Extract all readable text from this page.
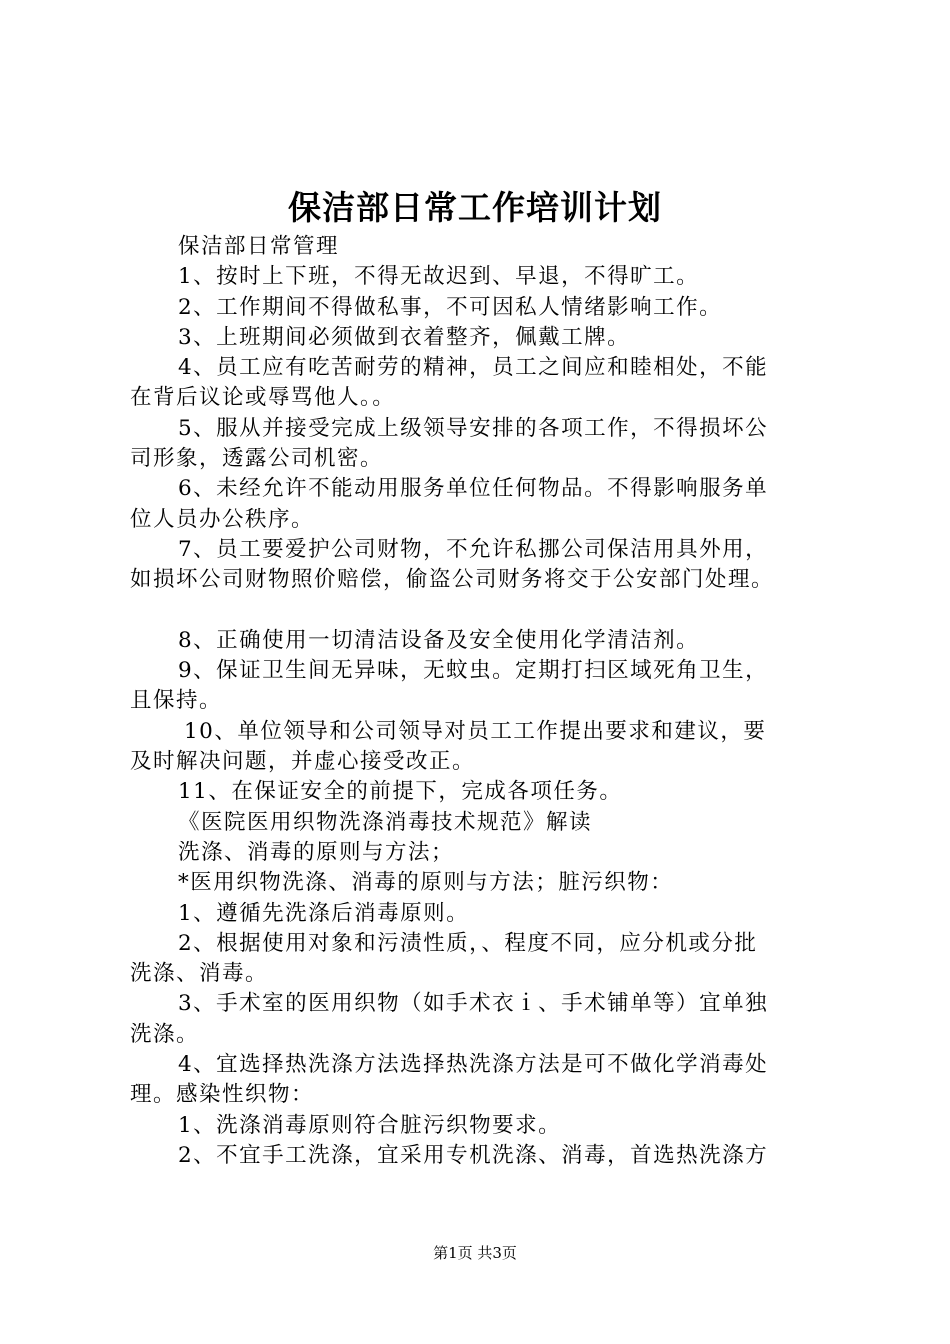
保洁部日常工作培训计划
保洁部日常管理
1、按时上下班，不得无故迟到、早退，不得旷工。
2、工作期间不得做私事，不可因私人情绪影响工作。
3、上班期间必须做到衣着整齐，佩戴工牌。
4、员工应有吃苦耐劳的精神，员工之间应和睦相处，不能
在背后议论或辱骂他人。。
5、服从并接受完成上级领导安排的各项工作，不得损坏公
司形象，透露公司机密。
6、未经允许不能动用服务单位任何物品。不得影响服务单
位人员办公秩序。
7、员工要爱护公司财物，不允许私挪公司保洁用具外用，
如损坏公司财物照价赔偿，偷盗公司财务将交于公安部门处理。
8、正确使用一切清洁设备及安全使用化学清洁剂。
9、保证卫生间无异味，无蚊虫。定期打扫区域死角卫生，
且保持。
10、单位领导和公司领导对员工工作提出要求和建议，要
及时解决问题，并虚心接受改正。
11、在保证安全的前提下，完成各项任务。
《医院医用织物洗涤消毒技术规范》解读
洗涤、消毒的原则与方法；
*医用织物洗涤、消毒的原则与方法；脏污织物：
1、遵循先洗涤后消毒原则。
2、根据使用对象和污渍性质，、程度不同，应分机或分批
洗涤、消毒。
3、手术室的医用织物（如手术衣ｉ、手术铺单等）宜单独
洗涤。
4、宜选择热洗涤方法选择热洗涤方法是可不做化学消毒处
理。感染性织物：
1、洗涤消毒原则符合脏污织物要求。
2、不宜手工洗涤，宜采用专机洗涤、消毒，首选热洗涤方
第1页 共3页
